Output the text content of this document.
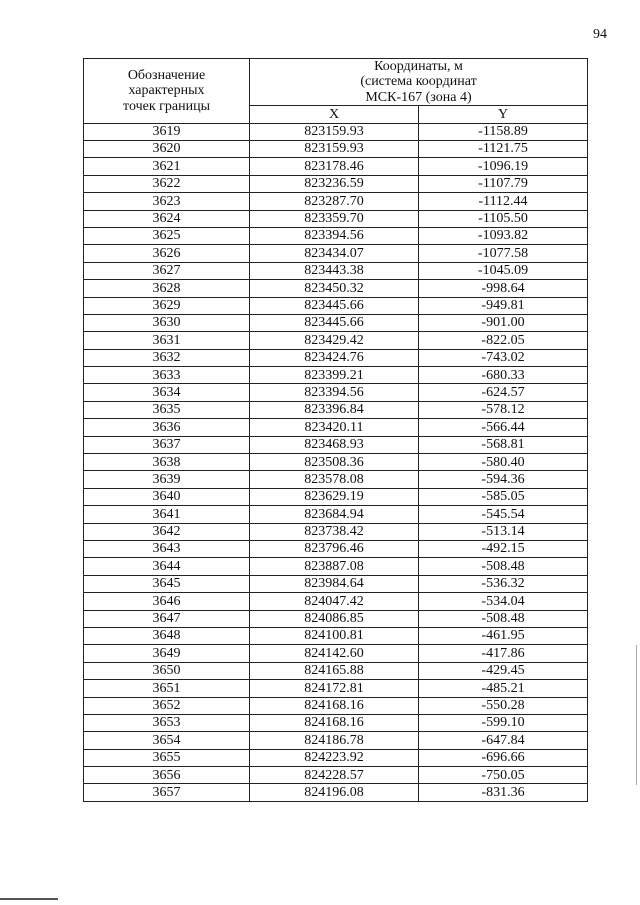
94
Обозначение
характерных
точек границы	Координаты, м
(система координат
МСК-167 (зона 4)	

	X	Y
3619	823159.93	-1158.89
3620	823159.93	-1121.75
3621	823178.46	-1096.19
3622	823236.59	-1107.79
3623	823287.70	-1112.44
3624	823359.70	-1105.50
3625	823394.56	-1093.82
3626	823434.07	-1077.58
3627	823443.38	-1045.09
3628	823450.32	-998.64
3629	823445.66	-949.81
3630	823445.66	-901.00
3631	823429.42	-822.05
3632	823424.76	-743.02
3633	823399.21	-680.33
3634	823394.56	-624.57
3635	823396.84	-578.12
3636	823420.11	-566.44
3637	823468.93	-568.81
3638	823508.36	-580.40
3639	823578.08	-594.36
3640	823629.19	-585.05
3641	823684.94	-545.54
3642	823738.42	-513.14
3643	823796.46	-492.15
3644	823887.08	-508.48
3645	823984.64	-536.32
3646	824047.42	-534.04
3647	824086.85	-508.48
3648	824100.81	-461.95
3649	824142.60	-417.86
3650	824165.88	-429.45
3651	824172.81	-485.21
3652	824168.16	-550.28
3653	824168.16	-599.10
3654	824186.78	-647.84
3655	824223.92	-696.66
3656	824228.57	-750.05
3657	824196.08	-831.36
